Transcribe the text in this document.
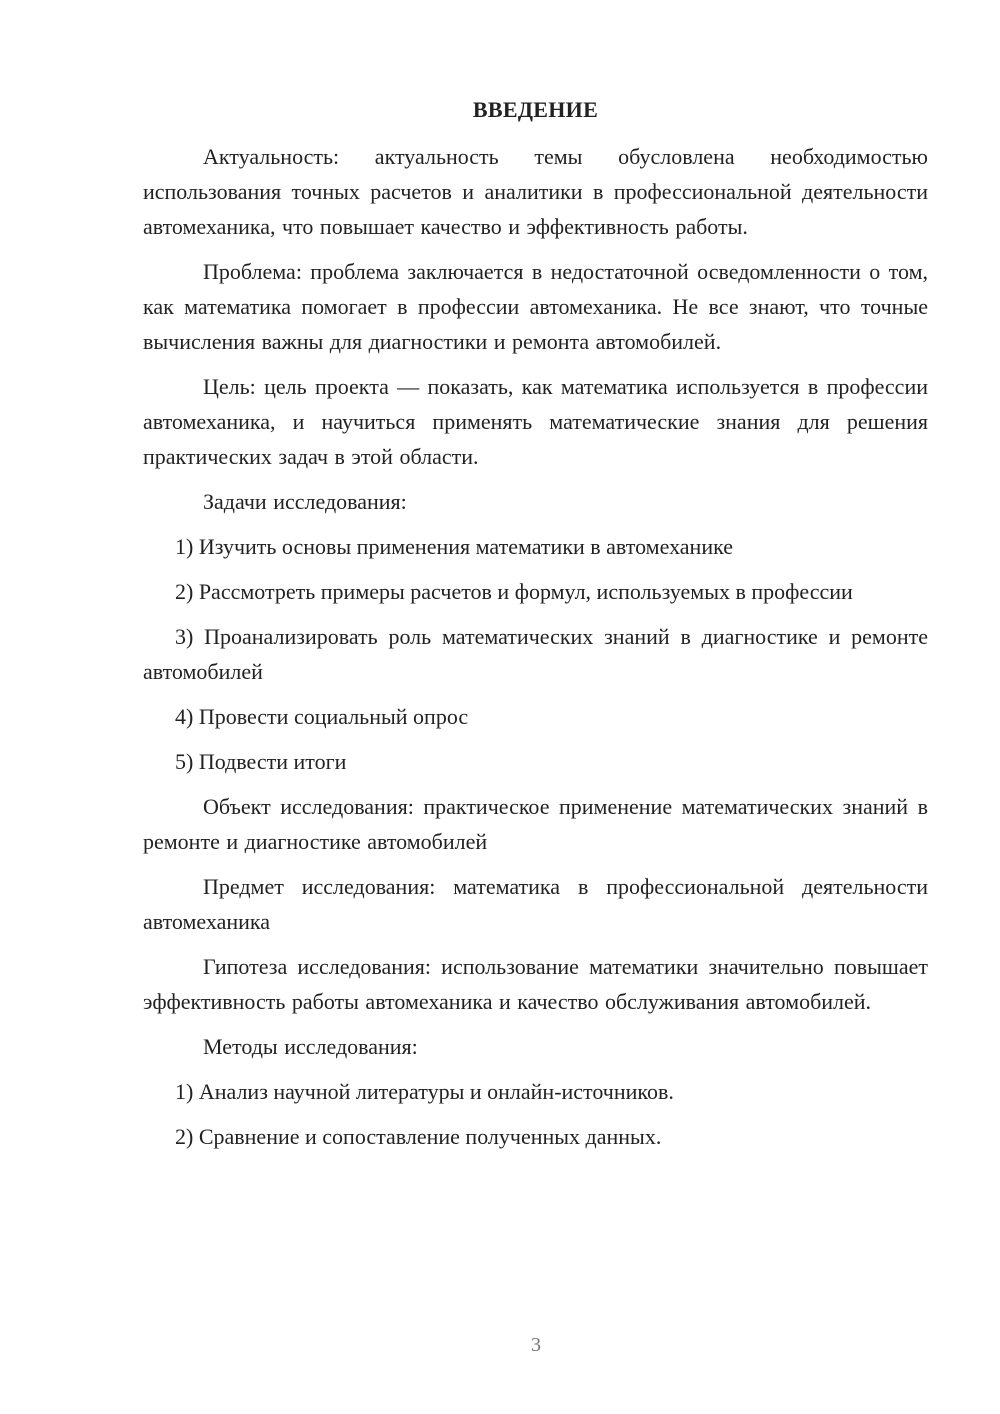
ВВЕДЕНИЕ

Актуальность: актуальность темы обусловлена необходимостью использования точных расчетов и аналитики в профессиональной деятельности автомеханика, что повышает качество и эффективность работы.

Проблема: проблема заключается в недостаточной осведомленности о том, как математика помогает в профессии автомеханика. Не все знают, что точные вычисления важны для диагностики и ремонта автомобилей.

Цель: цель проекта — показать, как математика используется в профессии автомеханика, и научиться применять математические знания для решения практических задач в этой области.

Задачи исследования:

1) Изучить основы применения математики в автомеханике

2) Рассмотреть примеры расчетов и формул, используемых в профессии

3) Проанализировать роль математических знаний в диагностике и ремонте автомобилей

4) Провести социальный опрос

5) Подвести итоги

Объект исследования: практическое применение математических знаний в ремонте и диагностике автомобилей

Предмет исследования: математика в профессиональной деятельности автомеханика

Гипотеза исследования: использование математики значительно повышает эффективность работы автомеханика и качество обслуживания автомобилей.

Методы исследования:

1) Анализ научной литературы и онлайн-источников.

2) Сравнение и сопоставление полученных данных.

3
